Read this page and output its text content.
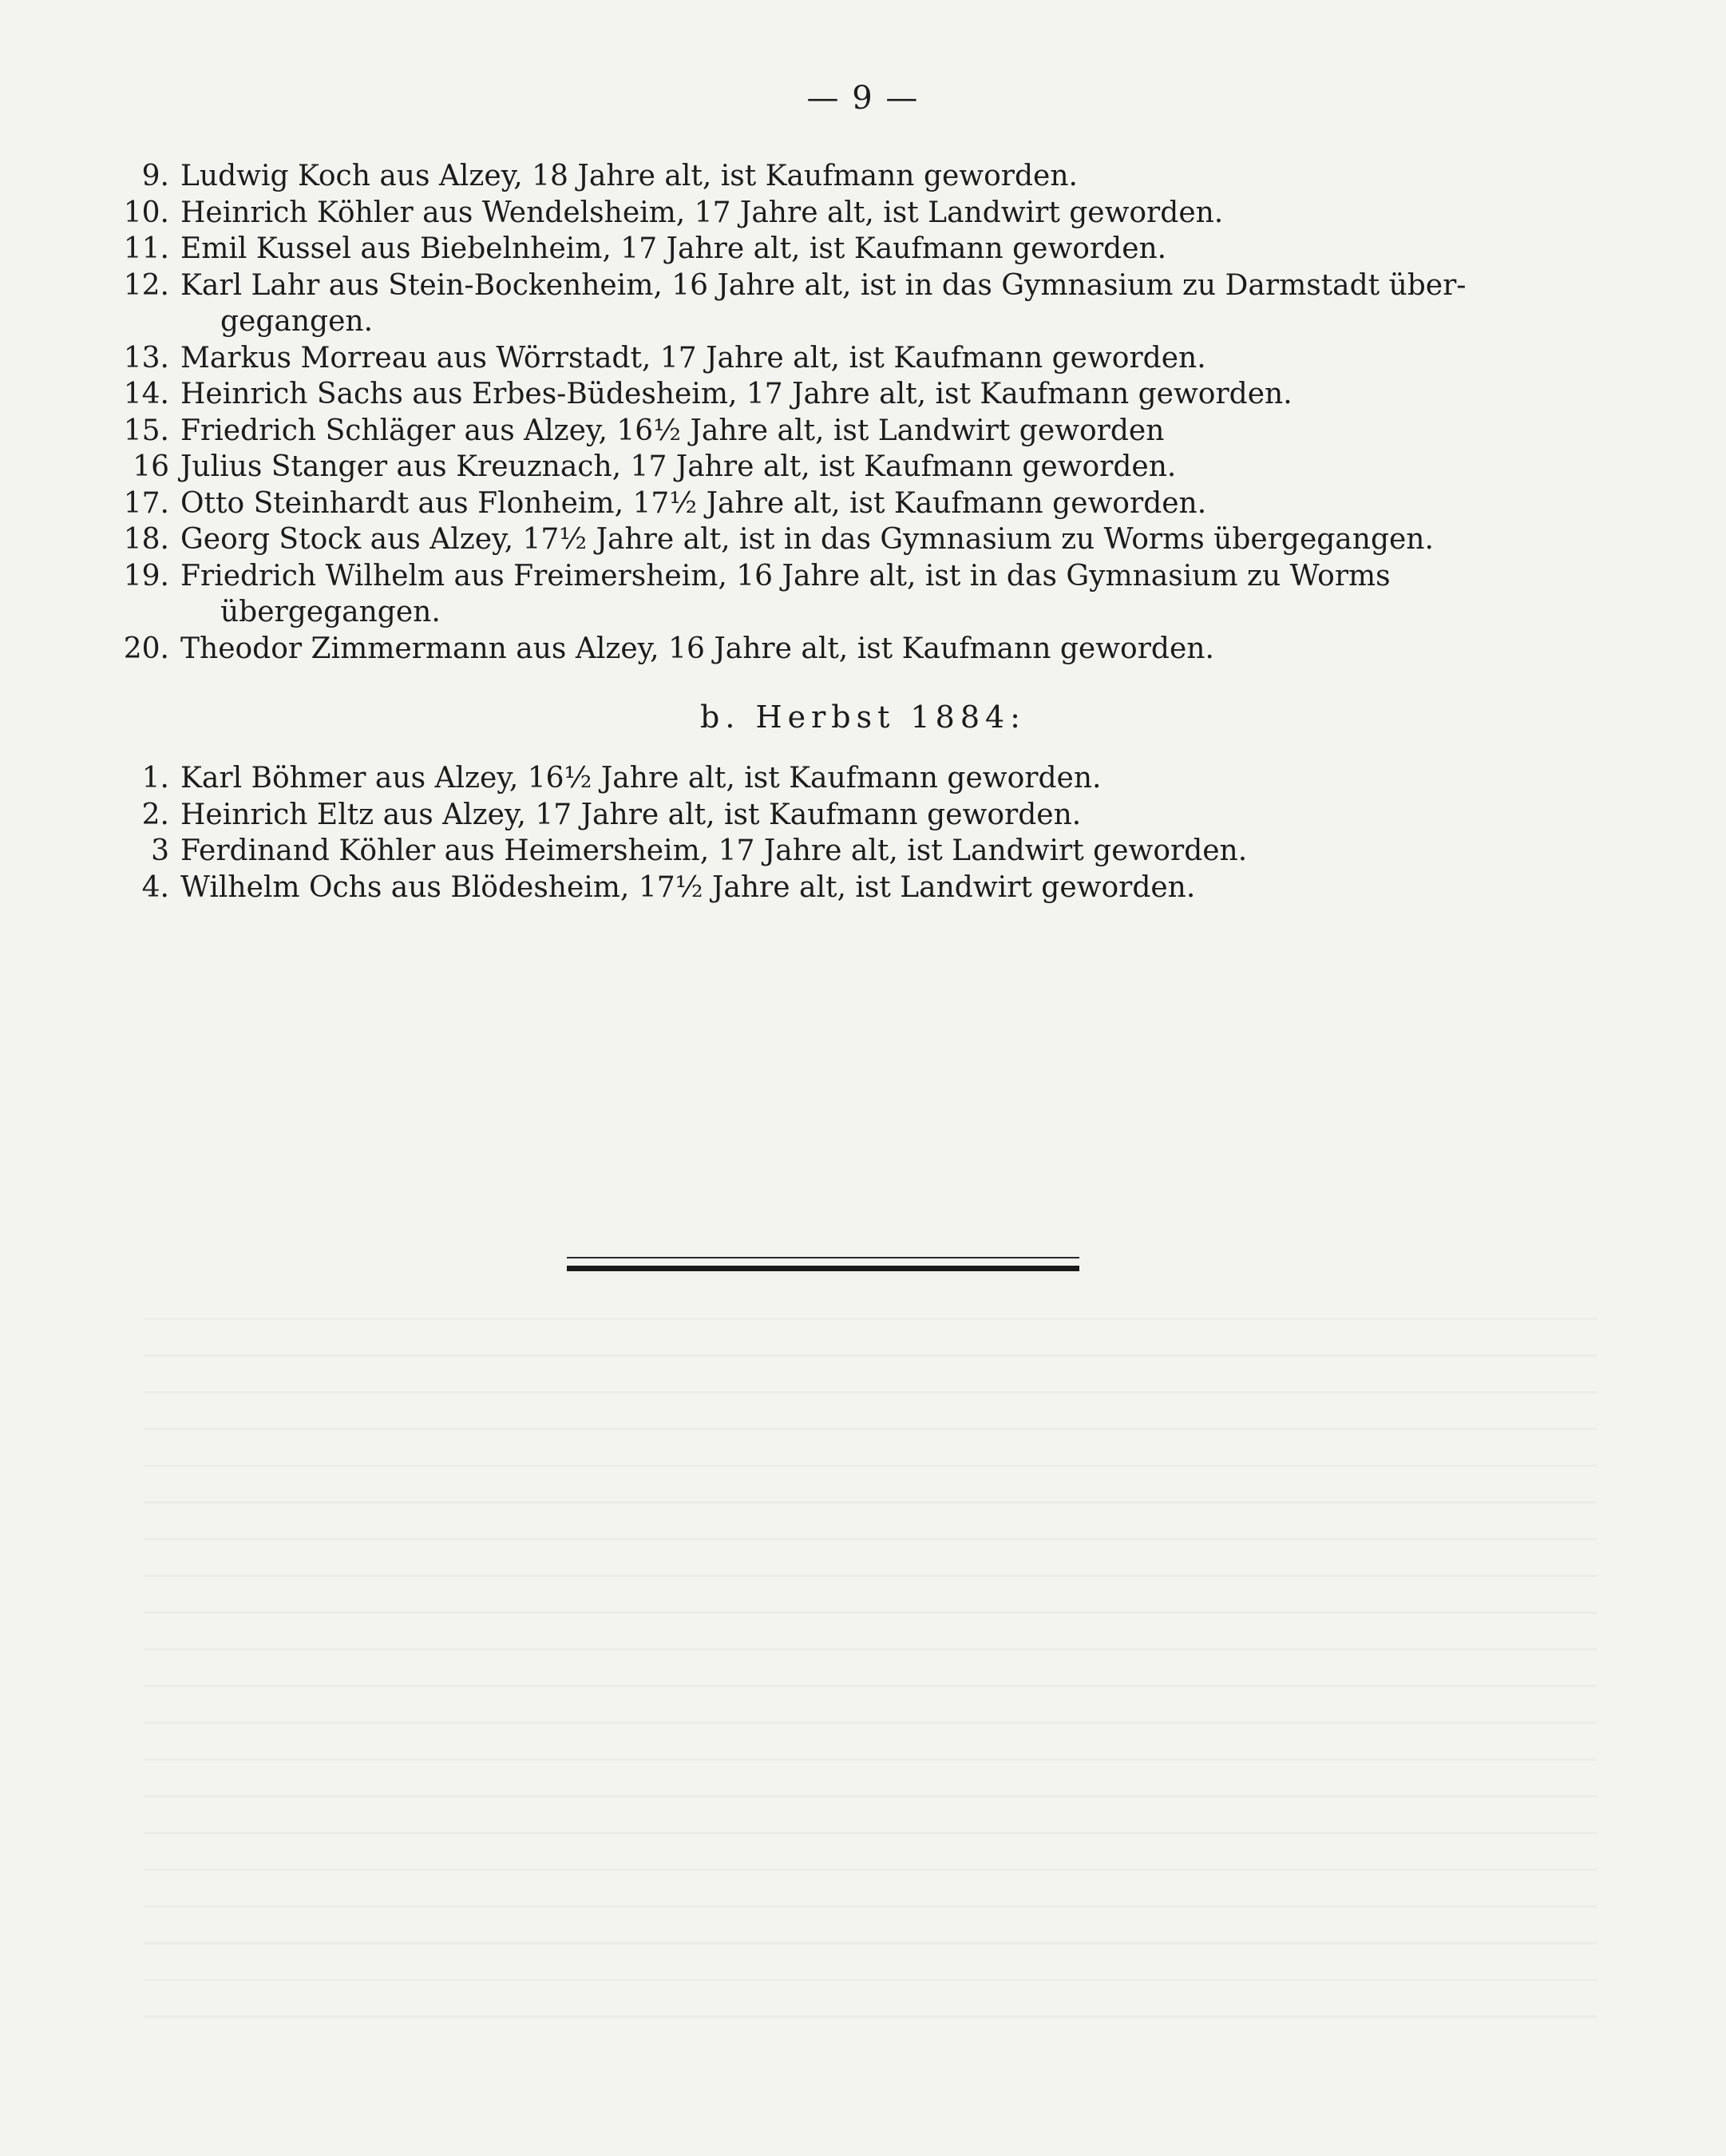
— 9 —
9. Ludwig Koch aus Alzey, 18 Jahre alt, ist Kaufmann geworden.
10. Heinrich Köhler aus Wendelsheim, 17 Jahre alt, ist Landwirt geworden.
11. Emil Kussel aus Biebelnheim, 17 Jahre alt, ist Kaufmann geworden.
12. Karl Lahr aus Stein-Bockenheim, 16 Jahre alt, ist in das Gymnasium zu Darmstadt über-
gegangen.
13. Markus Morreau aus Wörrstadt, 17 Jahre alt, ist Kaufmann geworden.
14. Heinrich Sachs aus Erbes-Büdesheim, 17 Jahre alt, ist Kaufmann geworden.
15. Friedrich Schläger aus Alzey, 16½ Jahre alt, ist Landwirt geworden
16 Julius Stanger aus Kreuznach, 17 Jahre alt, ist Kaufmann geworden.
17. Otto Steinhardt aus Flonheim, 17½ Jahre alt, ist Kaufmann geworden.
18. Georg Stock aus Alzey, 17½ Jahre alt, ist in das Gymnasium zu Worms übergegangen.
19. Friedrich Wilhelm aus Freimersheim, 16 Jahre alt, ist in das Gymnasium zu Worms
übergegangen.
20. Theodor Zimmermann aus Alzey, 16 Jahre alt, ist Kaufmann geworden.
b. Herbst 1884:
1. Karl Böhmer aus Alzey, 16½ Jahre alt, ist Kaufmann geworden.
2. Heinrich Eltz aus Alzey, 17 Jahre alt, ist Kaufmann geworden.
3 Ferdinand Köhler aus Heimersheim, 17 Jahre alt, ist Landwirt geworden.
4. Wilhelm Ochs aus Blödesheim, 17½ Jahre alt, ist Landwirt geworden.
